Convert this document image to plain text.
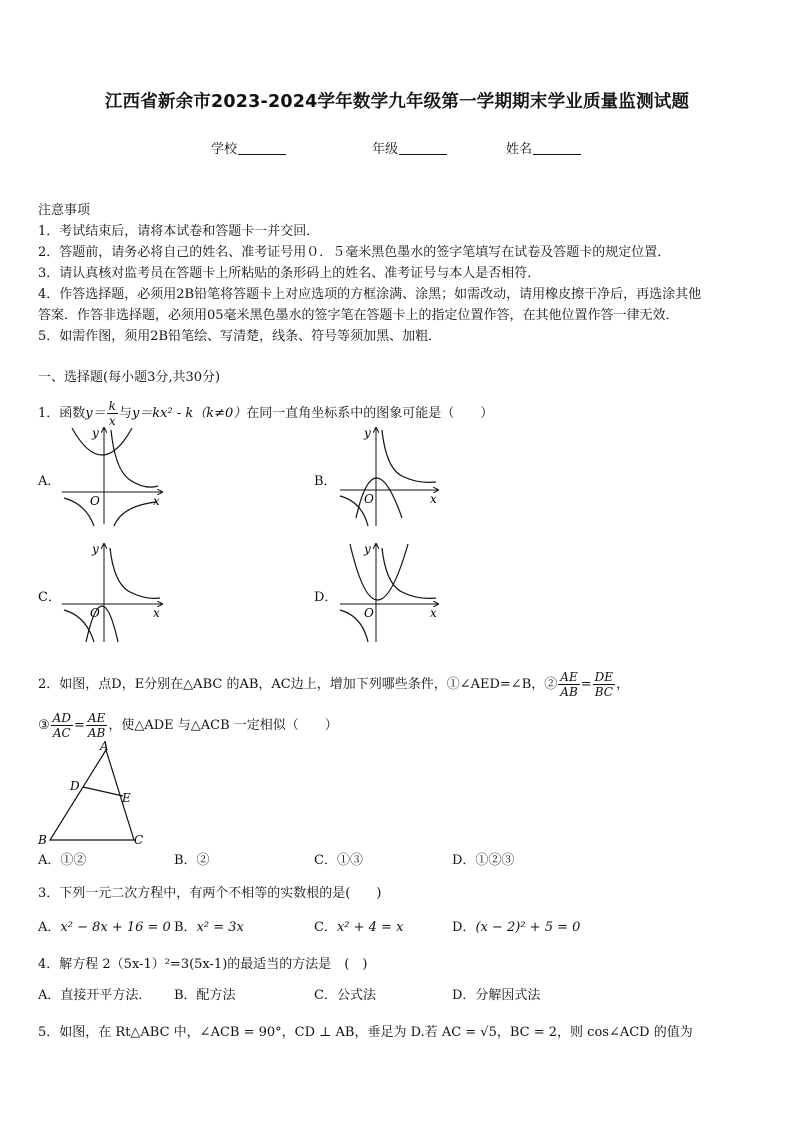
江西省新余市2023-2024学年数学九年级第一学期期末学业质量监测试题
学校	年级	姓名
注意事项
1．考试结束后，请将本试卷和答题卡一并交回．
2．答题前，请务必将自己的姓名、准考证号用０．５毫米黑色墨水的签字笔填写在试卷及答题卡的规定位置．
3．请认真核对监考员在答题卡上所粘贴的条形码上的姓名、准考证号与本人是否相符．
4．作答选择题，必须用2B铅笔将答题卡上对应选项的方框涂满、涂黑；如需改动，请用橡皮擦干净后，再选涂其他
答案．作答非选择题，必须用05毫米黑色墨水的签字笔在答题卡上的指定位置作答，在其他位置作答一律无效．
5．如需作图，须用2B铅笔绘、写清楚，线条、符号等须加黑、加粗．
一、选择题(每小题3分,共30分)
1．函数$y= \frac{k}{x}$ 与y＝kx² - k（k≠0）在同一直角坐标系中的图象可能是（　　）
A．	B．
C．	D．
y
x
O
y
x
O
y
x
O
y
x
O
2．如图，点D，E分别在△ABC 的AB，AC边上，增加下列哪些条件，①∠AED=∠B，② $\frac{AE}{AB} = \frac{DE}{BC}$ ，
③ $\frac{AD}{AC} = \frac{AE}{AB}$ ，使△ADE 与△ACB 一定相似（　　）
A
D
E
B	C
A．①②	B．②	C．①③	D．①②③
3．下列一元二次方程中，有两个不相等的实数根的是(　　)
A．x² − 8x + 16 = 0 B．x² = 3x	C．x² + 4 = x	D．(x − 2)² + 5 = 0
4．解方程 2（5x-1）²=3(5x-1)的最适当的方法是　(　)
A．直接开平方法． B．配方法	C．公式法	D．分解因式法
5．如图，在 Rt△ABC 中，∠ACB = 90°，CD ⊥ AB，垂足为 D.若 AC = √5，BC = 2，则 cos∠ACD 的值为
